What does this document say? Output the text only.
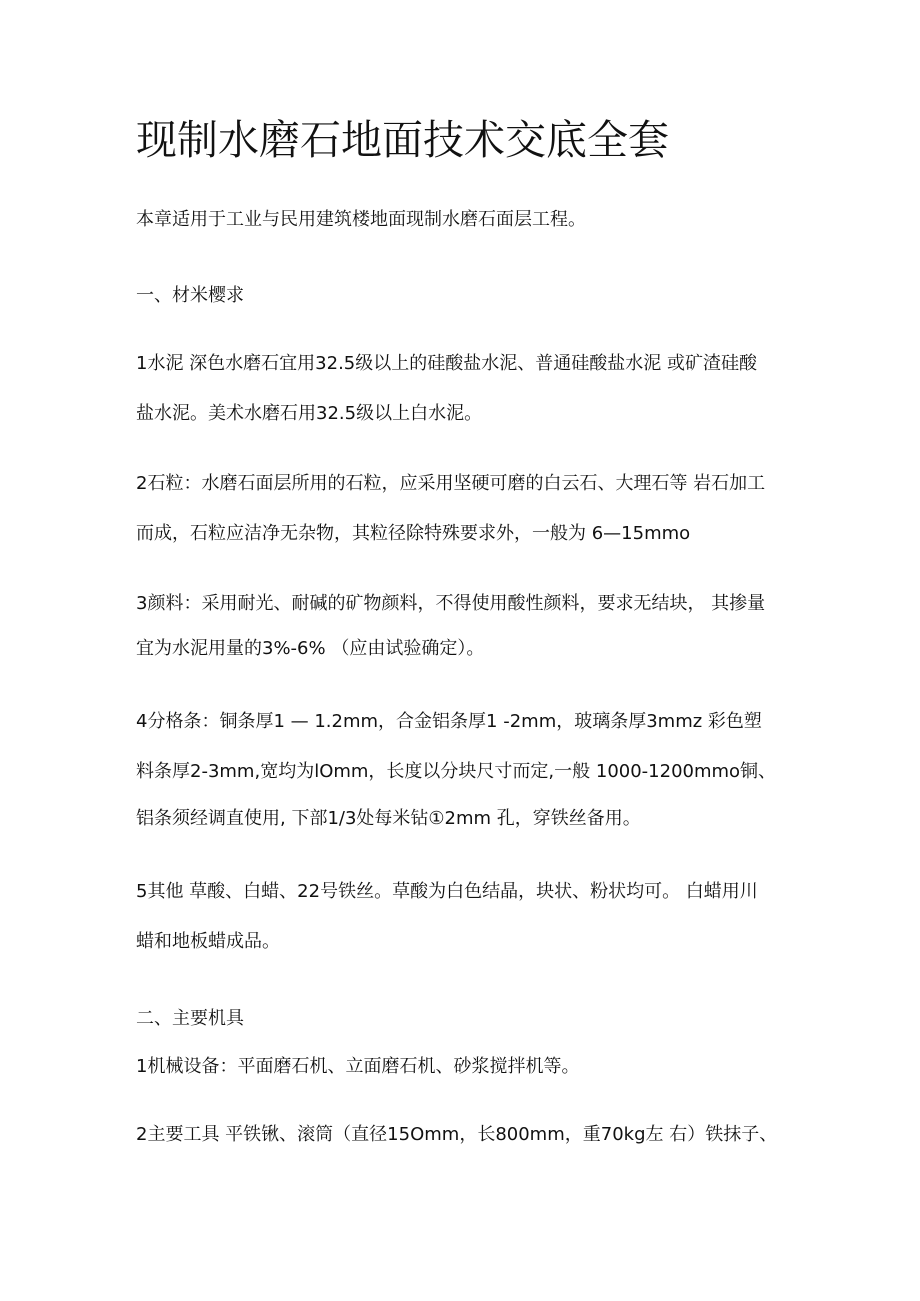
现制水磨石地面技术交底全套

本章适用于工业与民用建筑楼地面现制水磨石面层工程。

一、材米樱求

1水泥 深色水磨石宜用32.5级以上的硅酸盐水泥、普通硅酸盐水泥 或矿渣硅酸

盐水泥。美术水磨石用32.5级以上白水泥。

2石粒：水磨石面层所用的石粒，应采用坚硬可磨的白云石、大理石等 岩石加工

而成，石粒应洁净无杂物，其粒径除特殊要求外，一般为 6—15mmo

3颜料：采用耐光、耐碱的矿物颜料，不得使用酸性颜料，要求无结块， 其掺量

宜为水泥用量的3%-6% （应由试验确定）。

4分格条：铜条厚1 — 1.2mm，合金铝条厚1 -2mm，玻璃条厚3mmz 彩色塑

料条厚2-3mm,宽均为lOmm，长度以分块尺寸而定,一般 1000-1200mmo铜、

铝条须经调直使用, 下部1/3处每米钻①2mm 孔，穿铁丝备用。

5其他 草酸、白蜡、22号铁丝。草酸为白色结晶，块状、粉状均可。 白蜡用川

蜡和地板蜡成品。

二、主要机具

1机械设备：平面磨石机、立面磨石机、砂浆搅拌机等。

2主要工具 平铁锹、滚筒（直径15Omm，长800mm，重70kg左 右）铁抹子、
